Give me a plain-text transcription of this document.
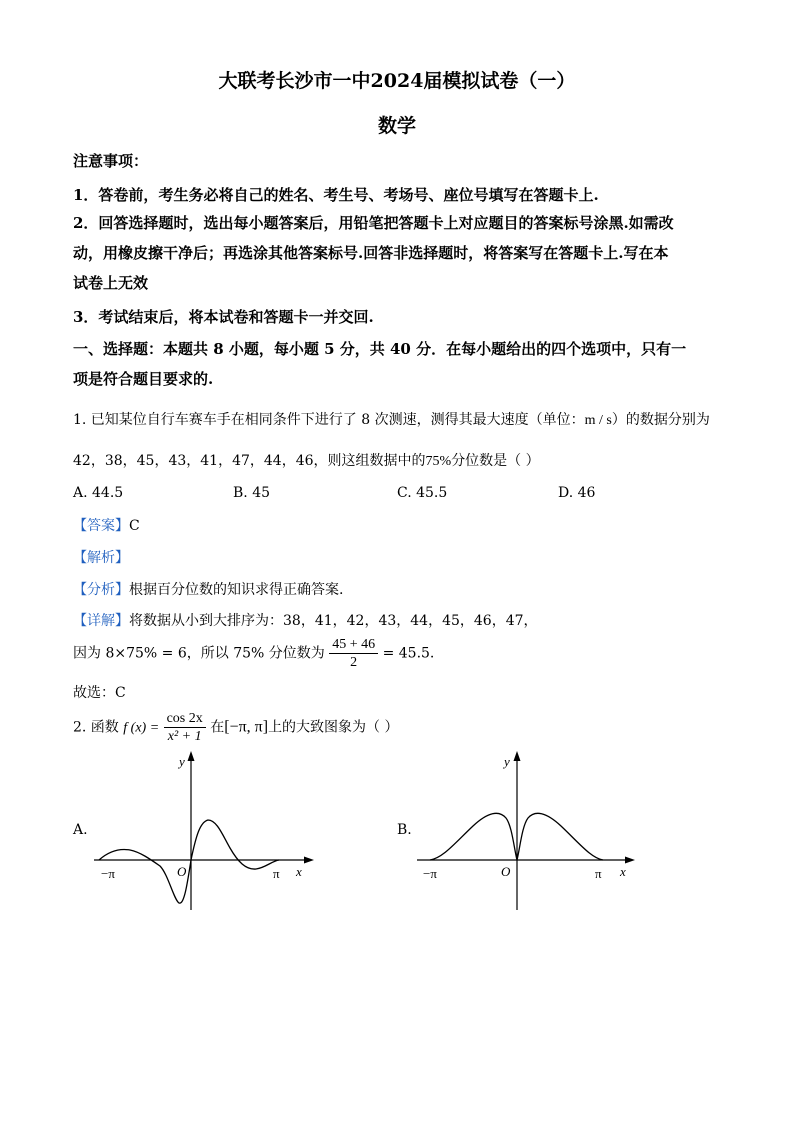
大联考长沙市一中2024届模拟试卷（一）
数学
注意事项：
1．答卷前，考生务必将自己的姓名、考生号、考场号、座位号填写在答题卡上.
2．回答选择题时，选出每小题答案后，用铅笔把答题卡上对应题目的答案标号涂黑.如需改
动，用橡皮擦干净后；再选涂其他答案标号.回答非选择题时，将答案写在答题卡上.写在本
试卷上无效
3．考试结束后，将本试卷和答题卡一并交回.
一、选择题：本题共 8 小题，每小题 5 分，共 40 分．在每小题给出的四个选项中，只有一
项是符合题目要求的.
1. 已知某位自行车赛车手在相同条件下进行了 8 次测速，测得其最大速度（单位：m / s）的数据分别为
42，38，45，43，41，47，44，46，则这组数据中的75%分位数是（ ）
A. 44.5	B. 45	C. 45.5	D. 46
【答案】C
【解析】
【分析】根据百分位数的知识求得正确答案.
【详解】将数据从小到大排序为：38，41，42，43，44，45，46，47，
因为 8×75% = 6，所以 75% 分位数为 $\frac{45 + 46}{2} = 45.5$.
故选：C
2. 函数 f $(x) = \frac{\cos 2x}{\text{x² + 1}}$ 在[−π, π]上的大致图象为（ ）
A.
−π	π
O	x
y
B.
−π	π
O	x
y
